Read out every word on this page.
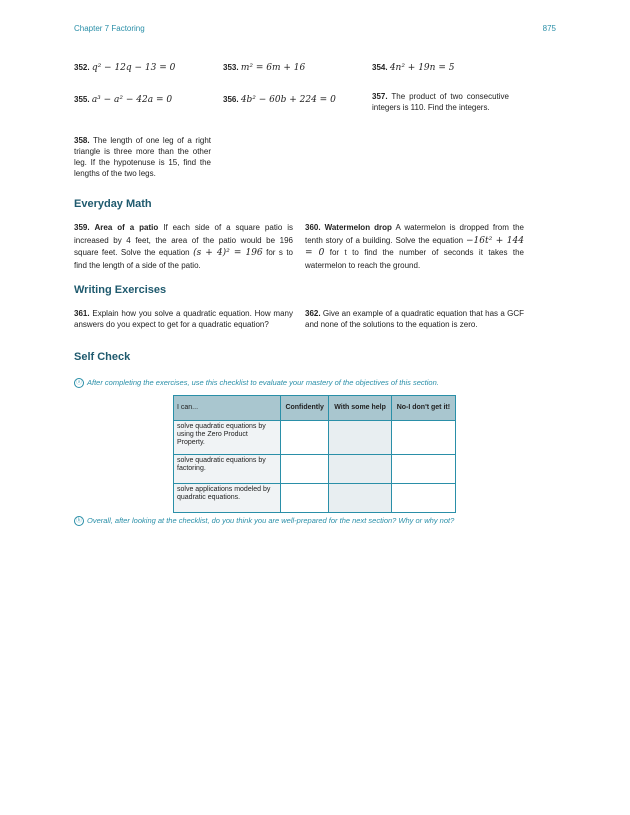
Chapter 7 Factoring	875
352. q² − 12q − 13 = 0	353. m² = 6m + 16	354. 4n² + 19n = 5
355. a³ − a² − 42a = 0	356. 4b² − 60b + 224 = 0	357. The product of two consecutive integers is 110. Find the integers.
358. The length of one leg of a right triangle is three more than the other leg. If the hypotenuse is 15, find the lengths of the two legs.
Everyday Math
359. Area of a patio If each side of a square patio is increased by 4 feet, the area of the patio would be 196 square feet. Solve the equation (s + 4)² = 196 for s to find the length of a side of the patio.
360. Watermelon drop A watermelon is dropped from the tenth story of a building. Solve the equation −16t² + 144 = 0 for t to find the number of seconds it takes the watermelon to reach the ground.
Writing Exercises
361. Explain how you solve a quadratic equation. How many answers do you expect to get for a quadratic equation?
362. Give an example of a quadratic equation that has a GCF and none of the solutions to the equation is zero.
Self Check
ⓐ After completing the exercises, use this checklist to evaluate your mastery of the objectives of this section.
I can...	Confidently	With some help	No-I don't get it!
solve quadratic equations by using the Zero Product Property.			
solve quadratic equations by factoring.			
solve applications modeled by quadratic equations.			
ⓑ Overall, after looking at the checklist, do you think you are well-prepared for the next section? Why or why not?
